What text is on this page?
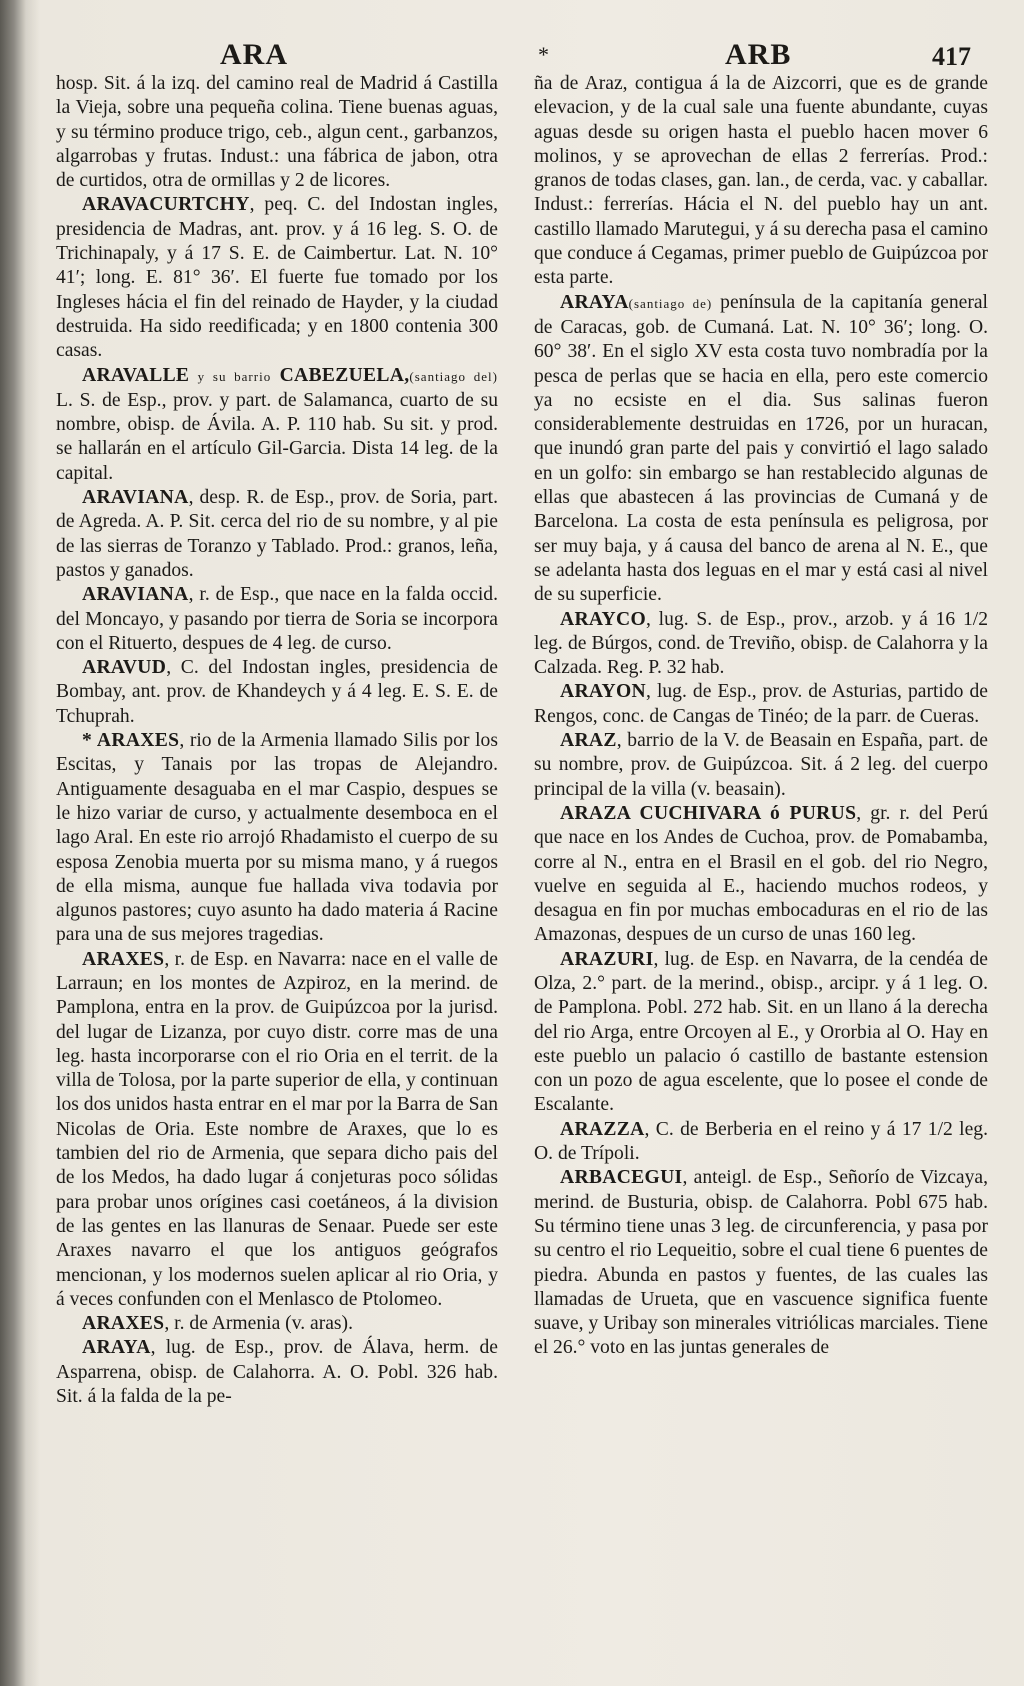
ARA	*	ARB	417

hosp. Sit. á la izq. del camino real de Madrid á Castilla la Vieja, sobre una pequeña colina. Tiene buenas aguas, y su término produce trigo, ceb., algun cent., garbanzos, algarrobas y frutas. Indust.: una fábrica de jabon, otra de curtidos, otra de ormillas y 2 de licores.

ARAVACURTCHY, peq. C. del Indostan ingles, presidencia de Madras, ant. prov. y á 16 leg. S. O. de Trichinapaly, y á 17 S. E. de Caimbertur. Lat. N. 10° 41′; long. E. 81° 36′. El fuerte fue tomado por los Ingleses hácia el fin del reinado de Hayder, y la ciudad destruida. Ha sido reedificada; y en 1800 contenia 300 casas.

ARAVALLE y su barrio CABEZUELA,(santiago del) L. S. de Esp., prov. y part. de Salamanca, cuarto de su nombre, obisp. de Ávila. A. P. 110 hab. Su sit. y prod. se hallarán en el artículo Gil-Garcia. Dista 14 leg. de la capital.

ARAVIANA, desp. R. de Esp., prov. de Soria, part. de Agreda. A. P. Sit. cerca del rio de su nombre, y al pie de las sierras de Toranzo y Tablado. Prod.: granos, leña, pastos y ganados.

ARAVIANA, r. de Esp., que nace en la falda occid. del Moncayo, y pasando por tierra de Soria se incorpora con el Rituerto, despues de 4 leg. de curso.

ARAVUD, C. del Indostan ingles, presidencia de Bombay, ant. prov. de Khandeych y á 4 leg. E. S. E. de Tchuprah.

* ARAXES, rio de la Armenia llamado Silis por los Escitas, y Tanais por las tropas de Alejandro. Antiguamente desaguaba en el mar Caspio, despues se le hizo variar de curso, y actualmente desemboca en el lago Aral. En este rio arrojó Rhadamisto el cuerpo de su esposa Zenobia muerta por su misma mano, y á ruegos de ella misma, aunque fue hallada viva todavia por algunos pastores; cuyo asunto ha dado materia á Racine para una de sus mejores tragedias.

ARAXES, r. de Esp. en Navarra: nace en el valle de Larraun; en los montes de Azpiroz, en la merind. de Pamplona, entra en la prov. de Guipúzcoa por la jurisd. del lugar de Lizanza, por cuyo distr. corre mas de una leg. hasta incorporarse con el rio Oria en el territ. de la villa de Tolosa, por la parte superior de ella, y continuan los dos unidos hasta entrar en el mar por la Barra de San Nicolas de Oria. Este nombre de Araxes, que lo es tambien del rio de Armenia, que separa dicho pais del de los Medos, ha dado lugar á conjeturas poco sólidas para probar unos orígines casi coetáneos, á la division de las gentes en las llanuras de Senaar. Puede ser este Araxes navarro el que los antiguos geógrafos mencionan, y los modernos suelen aplicar al rio Oria, y á veces confunden con el Menlasco de Ptolomeo.

ARAXES, r. de Armenia (v. aras).

ARAYA, lug. de Esp., prov. de Álava, herm. de Asparrena, obisp. de Calahorra. A. O. Pobl. 326 hab. Sit. á la falda de la pe-

ña de Araz, contigua á la de Aizcorri, que es de grande elevacion, y de la cual sale una fuente abundante, cuyas aguas desde su origen hasta el pueblo hacen mover 6 molinos, y se aprovechan de ellas 2 ferrerías. Prod.: granos de todas clases, gan. lan., de cerda, vac. y caballar. Indust.: ferrerías. Hácia el N. del pueblo hay un ant. castillo llamado Marutegui, y á su derecha pasa el camino que conduce á Cegamas, primer pueblo de Guipúzcoa por esta parte.

ARAYA(santiago de) península de la capitanía general de Caracas, gob. de Cumaná. Lat. N. 10° 36′; long. O. 60° 38′. En el siglo XV esta costa tuvo nombradía por la pesca de perlas que se hacia en ella, pero este comercio ya no ecsiste en el dia. Sus salinas fueron considerablemente destruidas en 1726, por un huracan, que inundó gran parte del pais y convirtió el lago salado en un golfo: sin embargo se han restablecido algunas de ellas que abastecen á las provincias de Cumaná y de Barcelona. La costa de esta península es peligrosa, por ser muy baja, y á causa del banco de arena al N. E., que se adelanta hasta dos leguas en el mar y está casi al nivel de su superficie.

ARAYCO, lug. S. de Esp., prov., arzob. y á 16 1/2 leg. de Búrgos, cond. de Treviño, obisp. de Calahorra y la Calzada. Reg. P. 32 hab.

ARAYON, lug. de Esp., prov. de Asturias, partido de Rengos, conc. de Cangas de Tinéo; de la parr. de Cueras.

ARAZ, barrio de la V. de Beasain en España, part. de su nombre, prov. de Guipúzcoa. Sit. á 2 leg. del cuerpo principal de la villa (v. beasain).

ARAZA CUCHIVARA ó PURUS, gr. r. del Perú que nace en los Andes de Cuchoa, prov. de Pomabamba, corre al N., entra en el Brasil en el gob. del rio Negro, vuelve en seguida al E., haciendo muchos rodeos, y desagua en fin por muchas embocaduras en el rio de las Amazonas, despues de un curso de unas 160 leg.

ARAZURI, lug. de Esp. en Navarra, de la cendéa de Olza, 2.° part. de la merind., obisp., arcipr. y á 1 leg. O. de Pamplona. Pobl. 272 hab. Sit. en un llano á la derecha del rio Arga, entre Orcoyen al E., y Ororbia al O. Hay en este pueblo un palacio ó castillo de bastante estension con un pozo de agua escelente, que lo posee el conde de Escalante.

ARAZZA, C. de Berberia en el reino y á 17 1/2 leg. O. de Trípoli.

ARBACEGUI, anteigl. de Esp., Señorío de Vizcaya, merind. de Busturia, obisp. de Calahorra. Pobl 675 hab. Su término tiene unas 3 leg. de circunferencia, y pasa por su centro el rio Lequeitio, sobre el cual tiene 6 puentes de piedra. Abunda en pastos y fuentes, de las cuales las llamadas de Urueta, que en vascuence significa fuente suave, y Uribay son minerales vitriólicas marciales. Tiene el 26.° voto en las juntas generales de
